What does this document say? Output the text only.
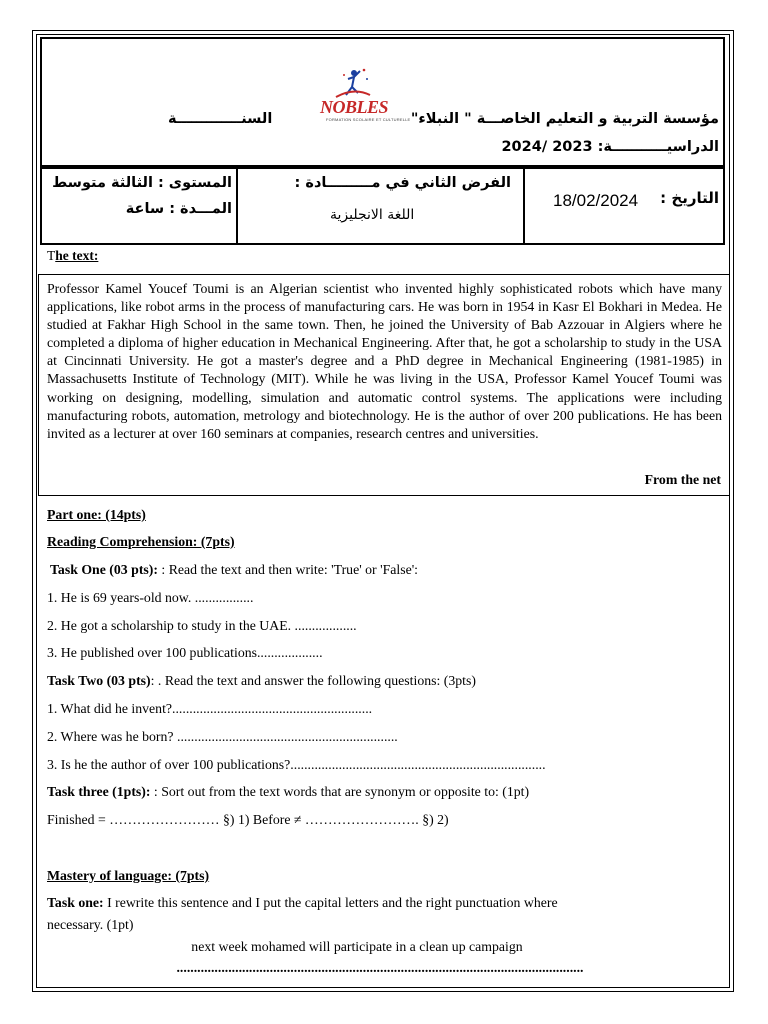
مؤسسة التربية و التعليم الخاصـــة " النبلاء"
الدراسيـــــــــــة: 2023 /2024
السنـــــــــــــة
NOBLES
FORMATION SCOLAIRE ET CULTURELLE
المستوى : الثالثة متوسط
المـــدة : ساعة
الفرض الثاني في مـــــــــادة :
اللغة الانجليزية
التاريخ :
18/02/2024
The text:

Professor Kamel Youcef Toumi is an Algerian scientist who invented highly sophisticated robots which have many applications, like robot arms in the process of manufacturing cars. He was born in 1954 in Kasr El Bokhari in Medea. He studied at Fakhar High School in the same town. Then, he joined the University of Bab Azzouar in Algiers where he completed a diploma of higher education in Mechanical Engineering. After that, he got a scholarship to study in the USA at Cincinnati University. He got a master's degree and a PhD degree in Mechanical Engineering (1981-1985) in Massachusetts Institute of Technology (MIT). While he was living in the USA, Professor Kamel Youcef Toumi was working on designing, modelling, simulation and automatic control systems. The applications were including manufacturing robots, automation, metrology and biotechnology. He is the author of over 200 publications. He has been invited as a lecturer at over 160 seminars at companies, research centres and universities.

From the net
Part one: (14pts)
Reading Comprehension: (7pts)
Task One (03 pts): : Read the text and then write: 'True' or 'False':
1. He is 69 years-old now. .................
2. He got a scholarship to study in the UAE. ..................
3. He published over 100 publications...................
Task Two (03 pts): . Read the text and answer the following questions: (3pts)
1. What did he invent?..........................................................
2. Where was he born? ................................................................
3. Is he the author of over 100 publications?..........................................................................
Task three (1pts): : Sort out from the text words that are synonym or opposite to: (1pt)
Finished = …………………… §) 1) Before ≠ ……………………. §) 2)
Mastery of language: (7pts)
Task one: I rewrite this sentence and I put the capital letters and the right punctuation where
necessary. (1pt)
next week mohamed will participate in a clean up campaign
......................................................................................................................
